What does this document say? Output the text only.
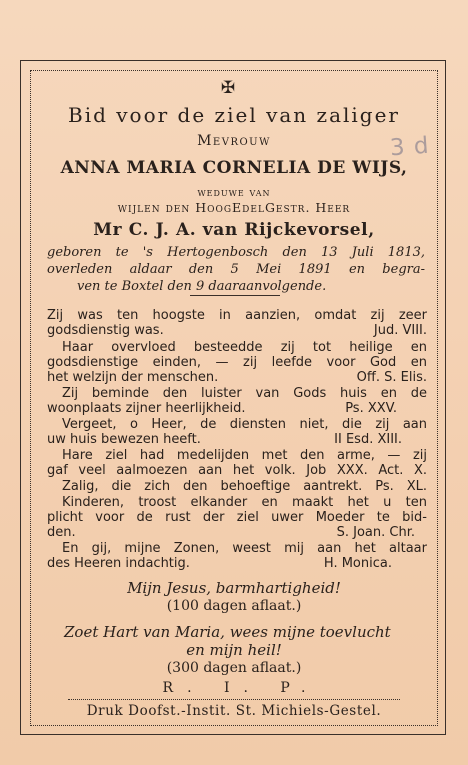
✠
3 d
Bid voor de ziel van zaliger
Mevrouw
ANNA MARIA CORNELIA DE WIJS,
weduwe van
wijlen den HoogEdelGestr. Heer
Mr C. J. A. van Rijckevorsel,
geboren te 's Hertogenbosch den 13 Juli 1813,
overleden aldaar den 5 Mei 1891 en begra-
ven te Boxtel den 9 daaraanvolgende.
Zij was ten hoogste in aanzien, omdat zij zeer
godsdienstig was.	Jud. VIII.
Haar overvloed besteedde zij tot heilige en
godsdienstige einden, — zij leefde voor God en
het welzijn der menschen.	Off. S. Elis.
Zij beminde den luister van Gods huis en de
woonplaats zijner heerlijkheid.	Ps. XXV.
Vergeet, o Heer, de diensten niet, die zij aan
uw huis bewezen heeft.	II Esd. XIII.
Hare ziel had medelijden met den arme, — zij
gaf veel aalmoezen aan het volk. Job XXX. Act. X.
Zalig, die zich den behoeftige aantrekt. Ps. XL.
Kinderen, troost elkander en maakt het u ten
plicht voor de rust der ziel uwer Moeder te bid-
den.	S. Joan. Chr.
En gij, mijne Zonen, weest mij aan het altaar
des Heeren indachtig.	H. Monica.
Mijn Jesus, barmhartigheid!
(100 dagen aflaat.)
Zoet Hart van Maria, wees mijne toevlucht
en mijn heil!
(300 dagen aflaat.)
R. I. P.
Druk Doofst.-Instit. St. Michiels-Gestel.
